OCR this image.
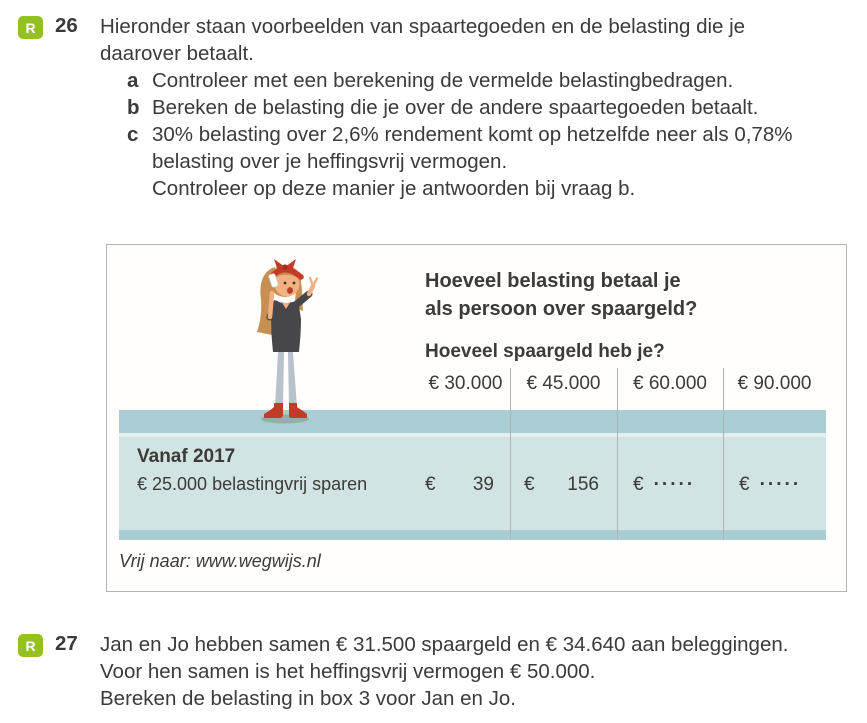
R 26 Hieronder staan voorbeelden van spaartegoeden en de belasting die je
daarover betaalt.
a Controleer met een berekening de vermelde belastingbedragen.
b Bereken de belasting die je over de andere spaartegoeden betaalt.
c 30% belasting over 2,6% rendement komt op hetzelfde neer als 0,78%
belasting over je heffingsvrij vermogen.
Controleer op deze manier je antwoorden bij vraag b.
Hoeveel belasting betaal je
als persoon over spaargeld?
Hoeveel spaargeld heb je?
€ 30.000	€ 45.000	€ 60.000	€ 90.000
Vanaf 2017
€ 25.000 belastingvrij sparen	€ 39 € 156 € ····· € ·····
Vrij naar: www.wegwijs.nl
R 27 Jan en Jo hebben samen € 31.500 spaargeld en € 34.640 aan beleggingen.
Voor hen samen is het heffingsvrij vermogen € 50.000.
Bereken de belasting in box 3 voor Jan en Jo.
